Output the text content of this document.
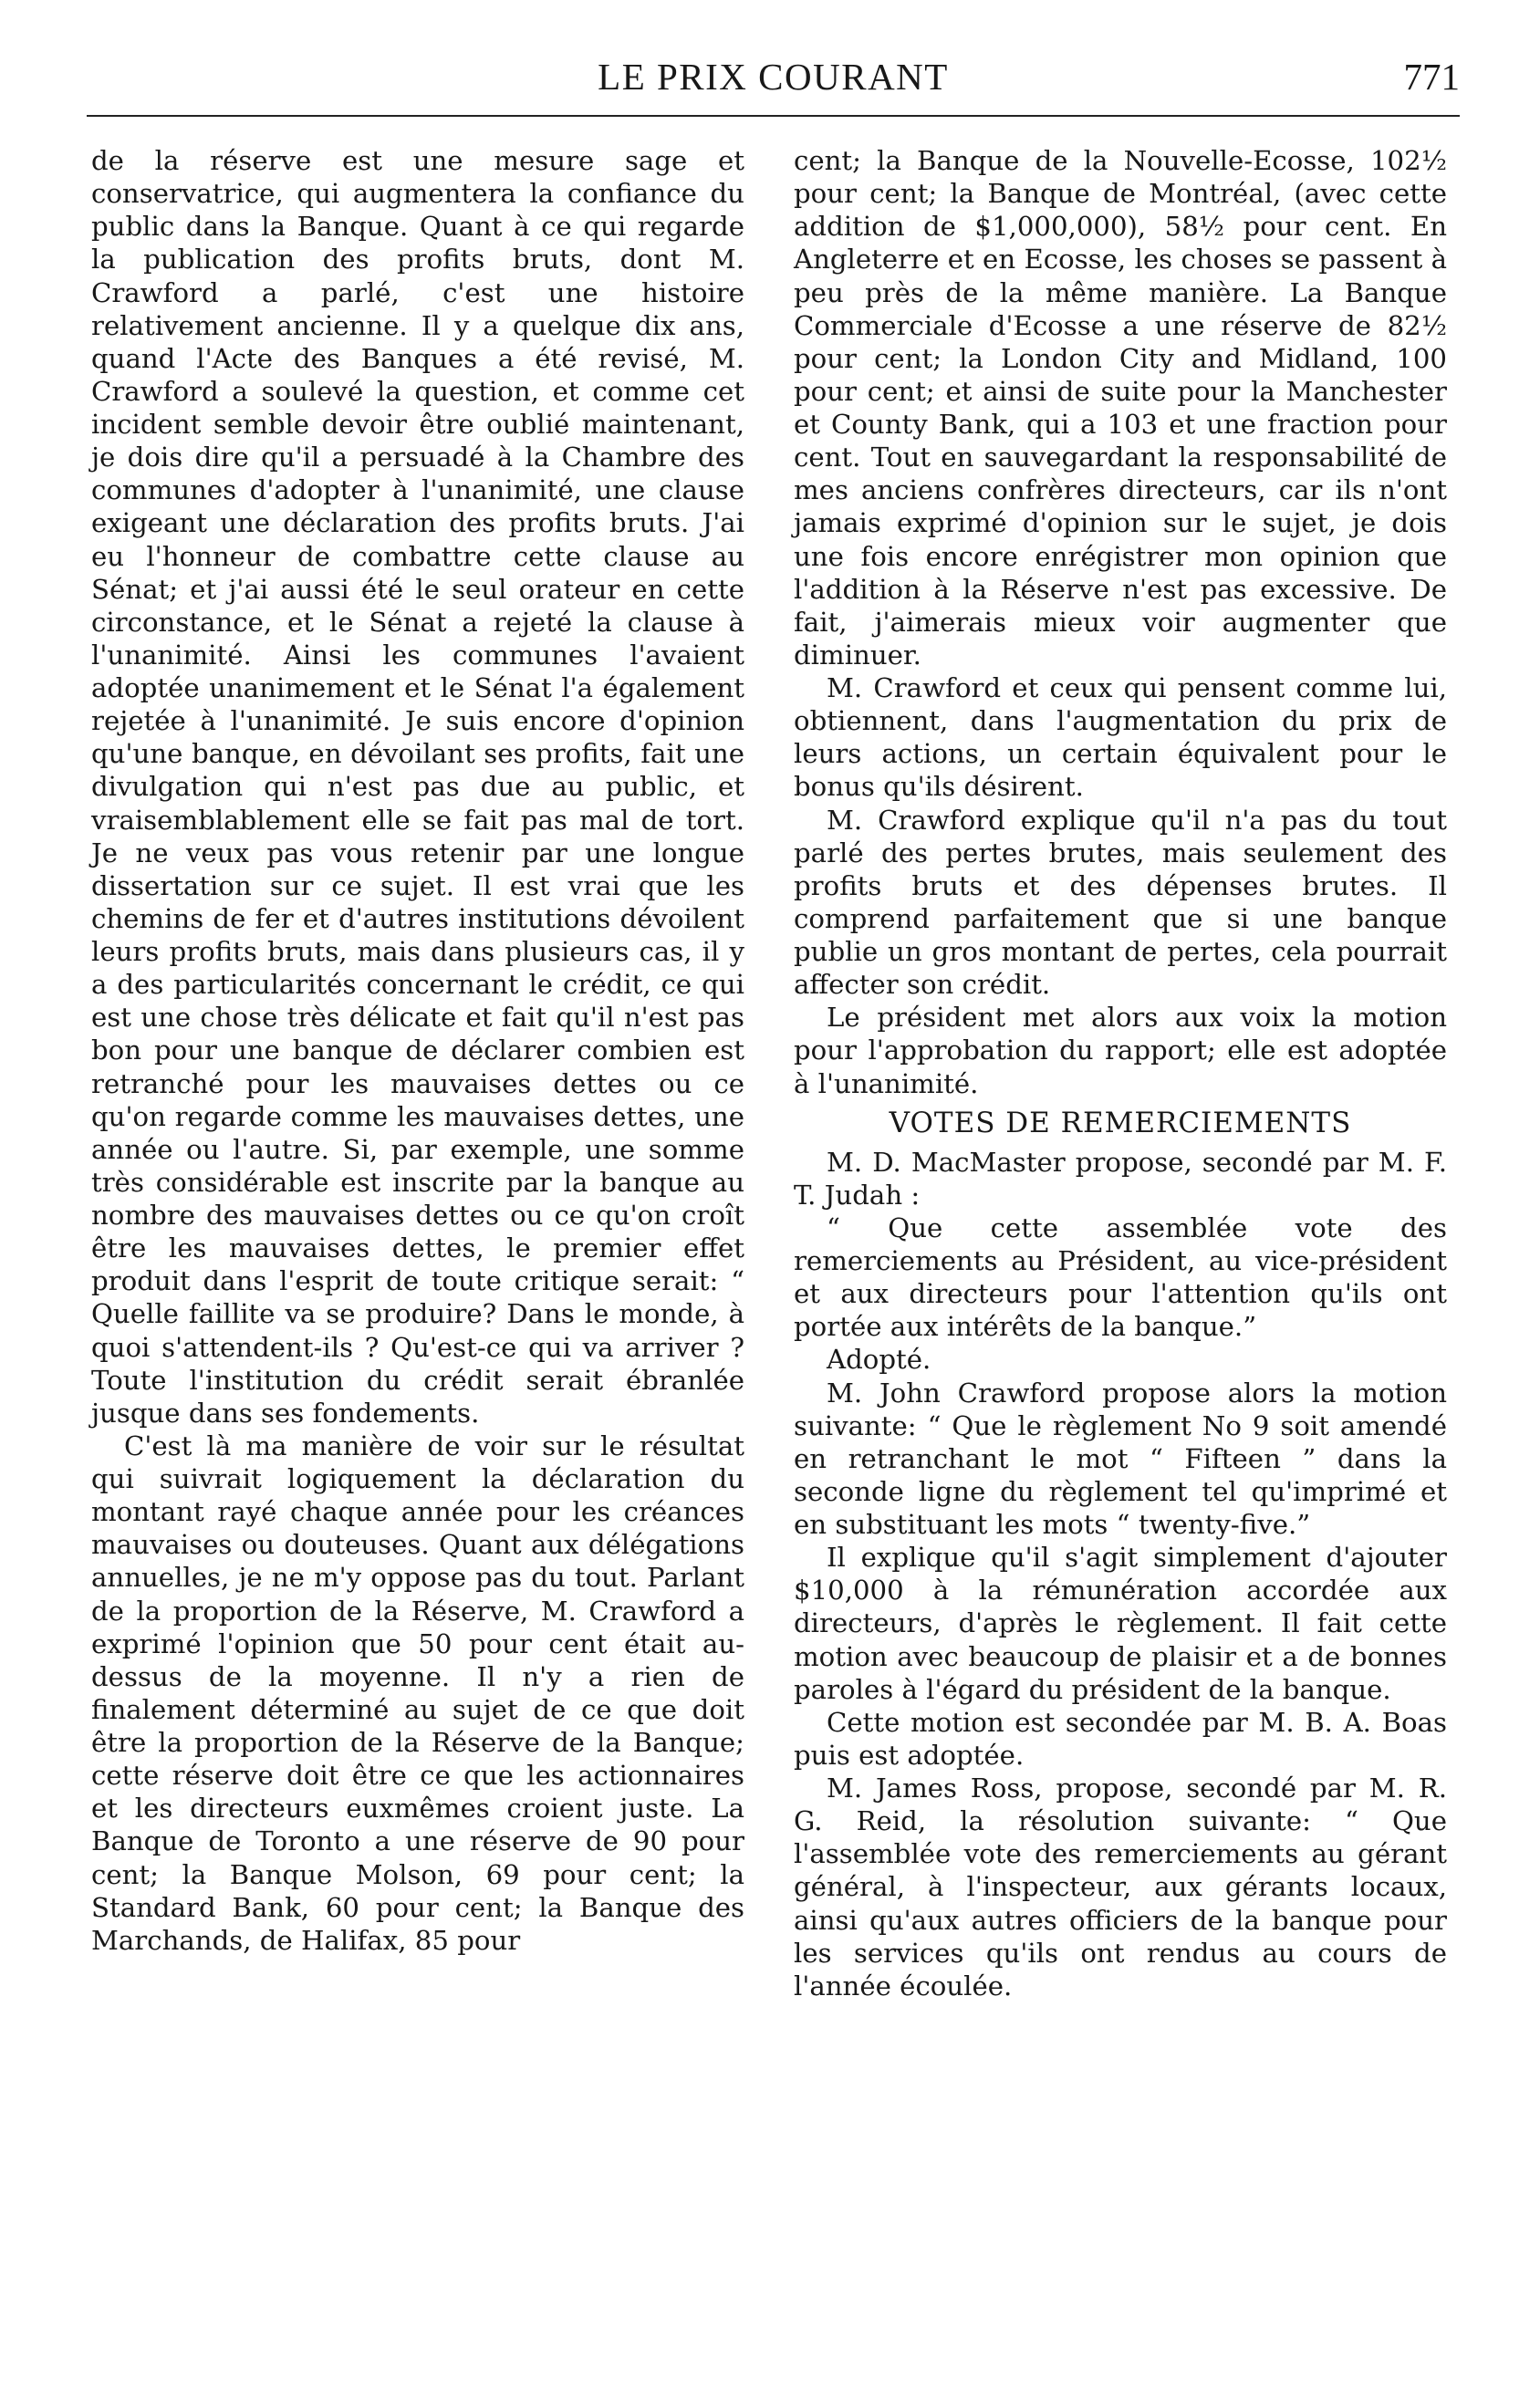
LE PRIX COURANT	771

de la réserve est une mesure sage et conservatrice, qui augmentera la confiance du public dans la Banque. Quant à ce qui regarde la publication des profits bruts, dont M. Crawford a parlé, c'est une histoire relativement ancienne. Il y a quelque dix ans, quand l'Acte des Banques a été revisé, M. Crawford a soulevé la question, et comme cet incident semble devoir être oublié maintenant, je dois dire qu'il a persuadé à la Chambre des communes d'adopter à l'unanimité, une clause exigeant une déclaration des profits bruts. J'ai eu l'honneur de combattre cette clause au Sénat; et j'ai aussi été le seul orateur en cette circonstance, et le Sénat a rejeté la clause à l'unanimité. Ainsi les communes l'avaient adoptée unanimement et le Sénat l'a également rejetée à l'unanimité. Je suis encore d'opinion qu'une banque, en dévoilant ses profits, fait une divulgation qui n'est pas due au public, et vraisemblablement elle se fait pas mal de tort. Je ne veux pas vous retenir par une longue dissertation sur ce sujet. Il est vrai que les chemins de fer et d'autres institutions dévoilent leurs profits bruts, mais dans plusieurs cas, il y a des particularités concernant le crédit, ce qui est une chose très délicate et fait qu'il n'est pas bon pour une banque de déclarer combien est retranché pour les mauvaises dettes ou ce qu'on regarde comme les mauvaises dettes, une année ou l'autre. Si, par exemple, une somme très considérable est inscrite par la banque au nombre des mauvaises dettes ou ce qu'on croît être les mauvaises dettes, le premier effet produit dans l'esprit de toute critique serait: “ Quelle faillite va se produire? Dans le monde, à quoi s'attendent-ils ? Qu'est-ce qui va arriver ? Toute l'institution du crédit serait ébranlée jusque dans ses fondements.

C'est là ma manière de voir sur le résultat qui suivrait logiquement la déclaration du montant rayé chaque année pour les créances mauvaises ou douteuses. Quant aux délégations annuelles, je ne m'y oppose pas du tout. Parlant de la proportion de la Réserve, M. Crawford a exprimé l'opinion que 50 pour cent était au-dessus de la moyenne. Il n'y a rien de finalement déterminé au sujet de ce que doit être la proportion de la Réserve de la Banque; cette réserve doit être ce que les actionnaires et les directeurs euxmêmes croient juste. La Banque de Toronto a une réserve de 90 pour cent; la Banque Molson, 69 pour cent; la Standard Bank, 60 pour cent; la Banque des Marchands, de Halifax, 85 pour

cent; la Banque de la Nouvelle-Ecosse, 102½ pour cent; la Banque de Montréal, (avec cette addition de $1,000,000), 58½ pour cent. En Angleterre et en Ecosse, les choses se passent à peu près de la même manière. La Banque Commerciale d'Ecosse a une réserve de 82½ pour cent; la London City and Midland, 100 pour cent; et ainsi de suite pour la Manchester et County Bank, qui a 103 et une fraction pour cent. Tout en sauvegardant la responsabilité de mes anciens confrères directeurs, car ils n'ont jamais exprimé d'opinion sur le sujet, je dois une fois encore enrégistrer mon opinion que l'addition à la Réserve n'est pas excessive. De fait, j'aimerais mieux voir augmenter que diminuer.

M. Crawford et ceux qui pensent comme lui, obtiennent, dans l'augmentation du prix de leurs actions, un certain équivalent pour le bonus qu'ils désirent.

M. Crawford explique qu'il n'a pas du tout parlé des pertes brutes, mais seulement des profits bruts et des dépenses brutes. Il comprend parfaitement que si une banque publie un gros montant de pertes, cela pourrait affecter son crédit.

Le président met alors aux voix la motion pour l'approbation du rapport; elle est adoptée à l'unanimité.

VOTES DE REMERCIEMENTS

M. D. MacMaster propose, secondé par M. F. T. Judah :

“ Que cette assemblée vote des remerciements au Président, au vice-président et aux directeurs pour l'attention qu'ils ont portée aux intérêts de la banque.”

Adopté.

M. John Crawford propose alors la motion suivante: “ Que le règlement No 9 soit amendé en retranchant le mot “ Fifteen ” dans la seconde ligne du règlement tel qu'imprimé et en substituant les mots “ twenty-five.”

Il explique qu'il s'agit simplement d'ajouter $10,000 à la rémunération accordée aux directeurs, d'après le règlement. Il fait cette motion avec beaucoup de plaisir et a de bonnes paroles à l'égard du président de la banque.

Cette motion est secondée par M. B. A. Boas puis est adoptée.

M. James Ross, propose, secondé par M. R. G. Reid, la résolution suivante: “ Que l'assemblée vote des remerciements au gérant général, à l'inspecteur, aux gérants locaux, ainsi qu'aux autres officiers de la banque pour les services qu'ils ont rendus au cours de l'année écoulée.
